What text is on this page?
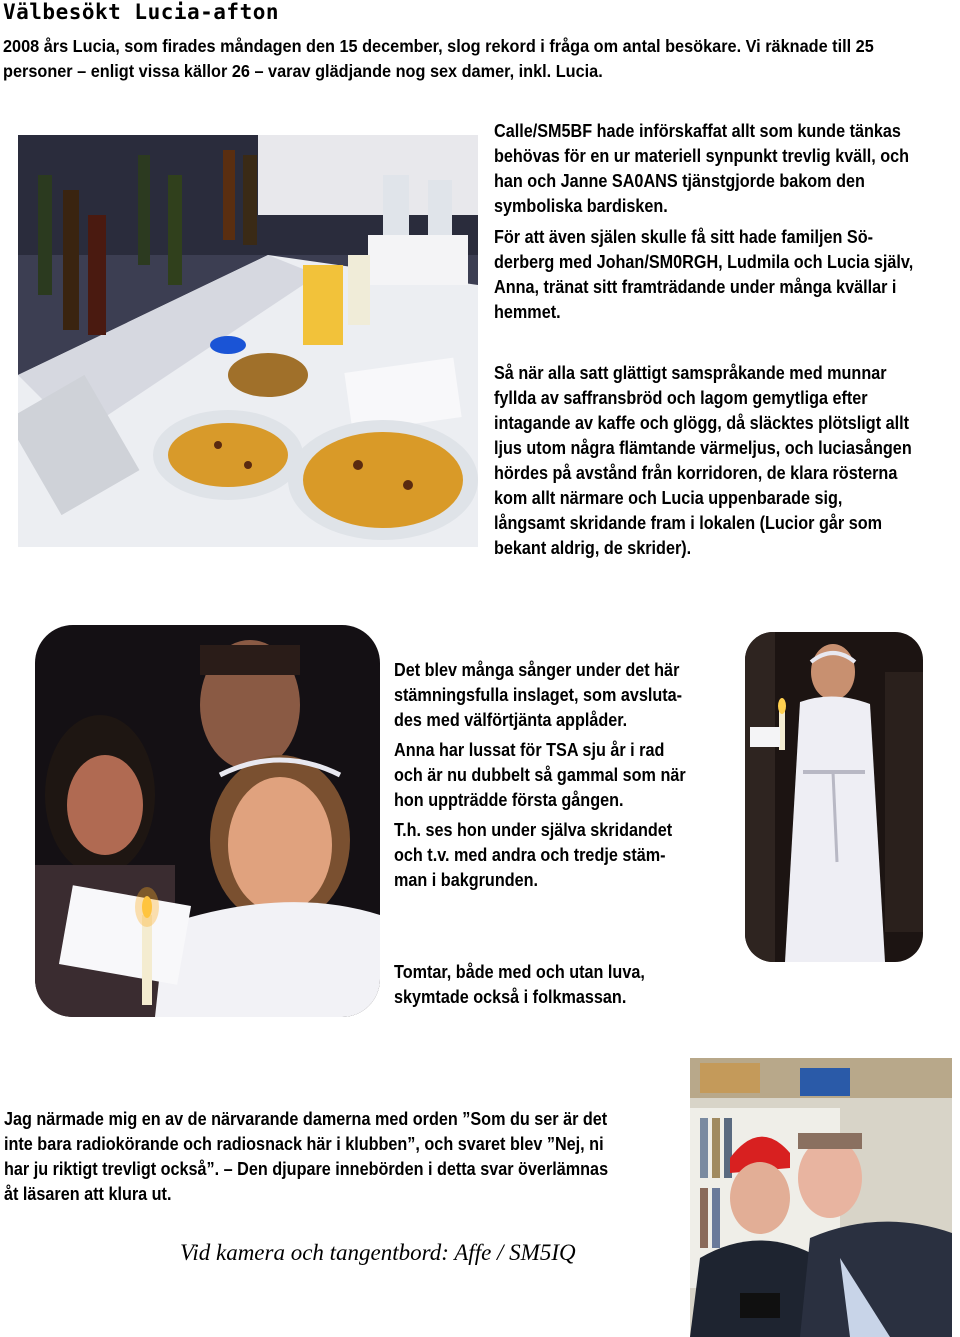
Välbesökt Lucia-afton
2008 års Lucia, som firades måndagen den 15 december, slog rekord i fråga om antal besökare. Vi räknade till 25
personer – enligt vissa källor 26 – varav glädjande nog sex damer, inkl. Lucia.

Calle/SM5BF hade införskaffat allt som kunde tänkas

behövas för en ur materiell synpunkt trevlig kväll, och

han och Janne SA0ANS tjänstgjorde bakom den

symboliska bardisken.

För att även själen skulle få sitt hade familjen Sö-

derberg med Johan/SM0RGH, Ludmila och Lucia själv,

Anna, tränat sitt framträdande under många kvällar i

hemmet.

Så när alla satt glättigt samspråkande med munnar

fyllda av saffransbröd och lagom gemytliga efter

intagande av kaffe och glögg, då släcktes plötsligt allt

ljus utom några flämtande värmeljus, och luciasången

hördes på avstånd från korridoren, de klara rösterna

kom allt närmare och Lucia uppenbarade sig,

långsamt skridande fram i lokalen (Lucior går som

bekant aldrig, de skrider).

Det blev många sånger under det här

stämningsfulla inslaget, som avsluta-

des med välförtjänta applåder.

Anna har lussat för TSA sju år i rad

och är nu dubbelt så gammal som när

hon uppträdde första gången.

T.h. ses hon under själva skridandet

och t.v. med andra och tredje stäm-

man i bakgrunden.

Tomtar, både med och utan luva,

skymtade också i folkmassan.

Jag närmade mig en av de närvarande damerna med orden ”Som du ser är det

inte bara radiokörande och radiosnack här i klubben”, och svaret blev ”Nej, ni

har ju riktigt trevligt också”. – Den djupare innebörden i detta svar överlämnas

åt läsaren att klura ut.

Vid kamera och tangentbord: Affe / SM5IQ
